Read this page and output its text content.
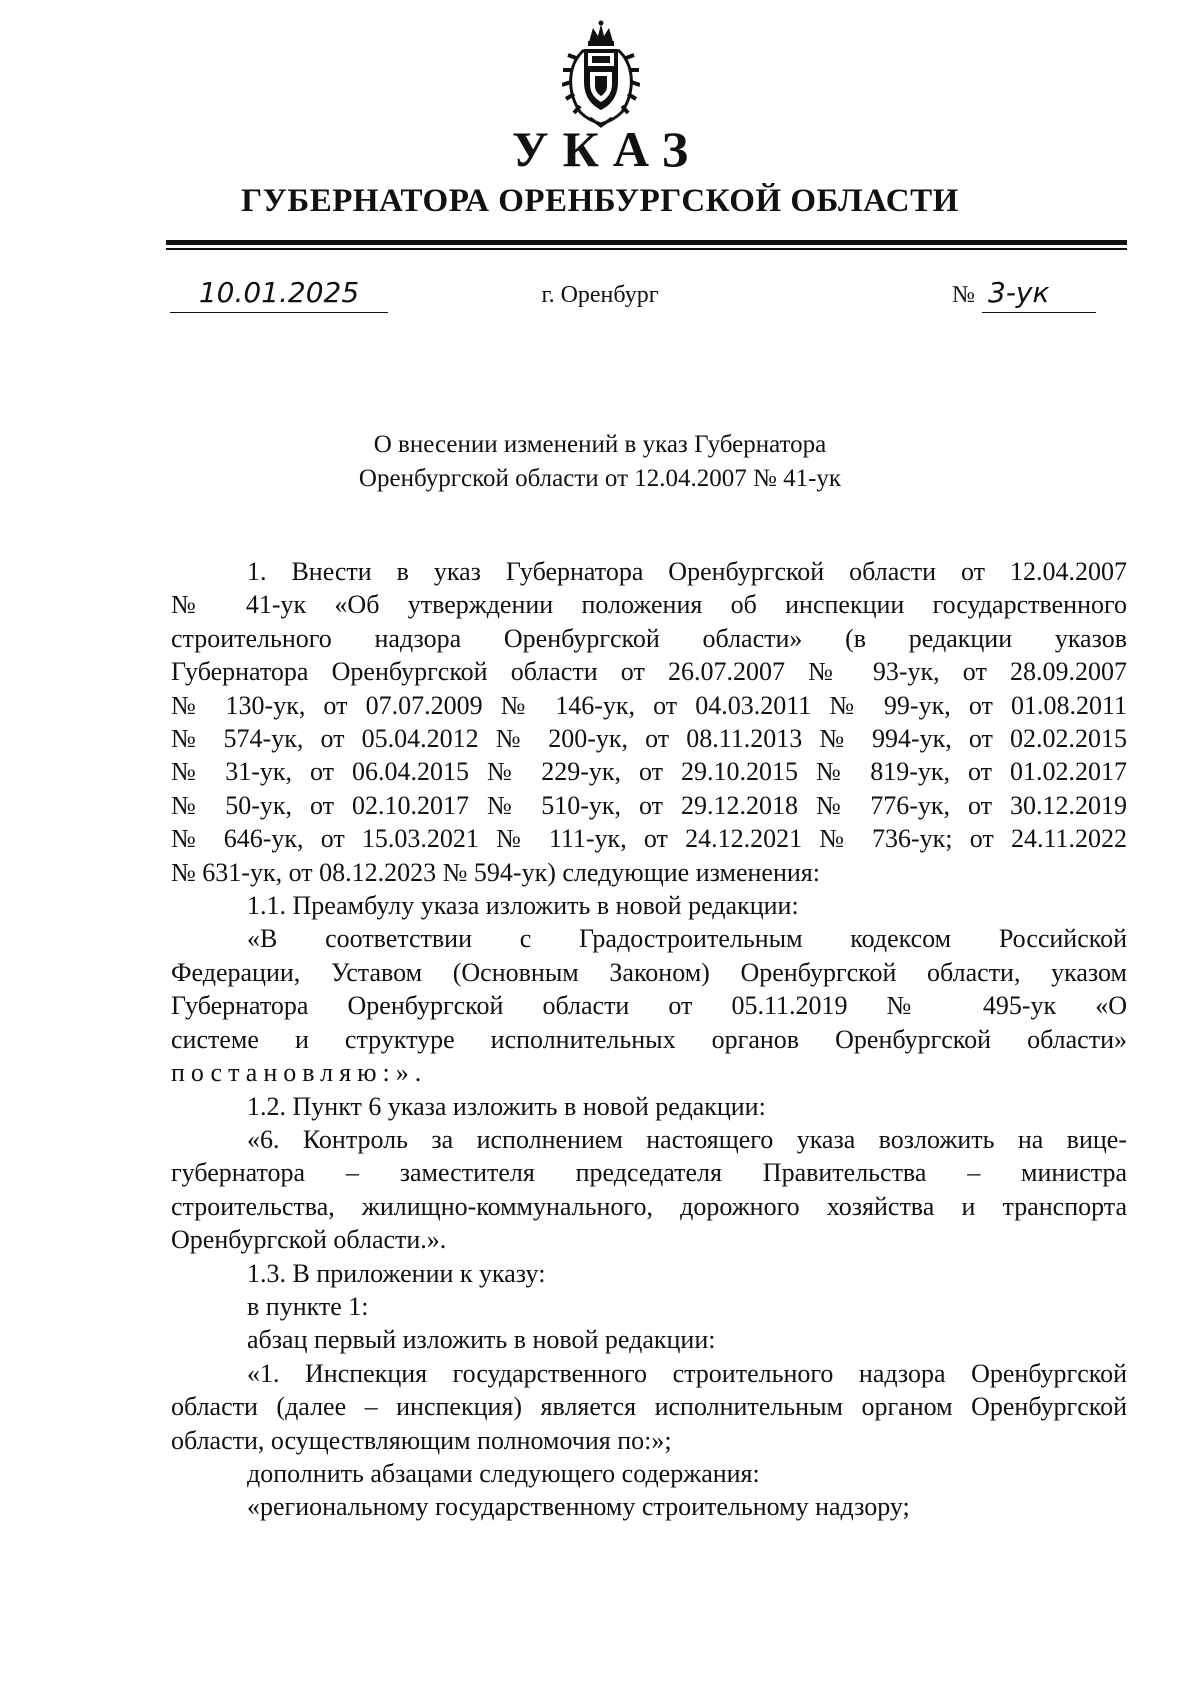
УКАЗ
ГУБЕРНАТОРА ОРЕНБУРГСКОЙ ОБЛАСТИ
10.01.2025	г. Оренбург	№ 3-ук
О внесении изменений в указ Губернатора
Оренбургской области от 12.04.2007 № 41-ук
1. Внести в указ Губернатора Оренбургской области от 12.04.2007
№ 41-ук «Об утверждении положения об инспекции государственного
строительного надзора Оренбургской области» (в редакции указов
Губернатора Оренбургской области от 26.07.2007 № 93-ук, от 28.09.2007
№ 130-ук, от 07.07.2009 № 146-ук, от 04.03.2011 № 99-ук, от 01.08.2011
№ 574-ук, от 05.04.2012 № 200-ук, от 08.11.2013 № 994-ук, от 02.02.2015
№ 31-ук, от 06.04.2015 № 229-ук, от 29.10.2015 № 819-ук, от 01.02.2017
№ 50-ук, от 02.10.2017 № 510-ук, от 29.12.2018 № 776-ук, от 30.12.2019
№ 646-ук, от 15.03.2021 № 111-ук, от 24.12.2021 № 736-ук; от 24.11.2022
№ 631-ук, от 08.12.2023 № 594-ук) следующие изменения:
1.1. Преамбулу указа изложить в новой редакции:
«В соответствии с Градостроительным кодексом Российской
Федерации, Уставом (Основным Законом) Оренбургской области, указом
Губернатора Оренбургской области от 05.11.2019 № 495-ук «О
системе и структуре исполнительных органов Оренбургской области»
постановляю:».
1.2. Пункт 6 указа изложить в новой редакции:
«6. Контроль за исполнением настоящего указа возложить на вице-
губернатора – заместителя председателя Правительства – министра
строительства, жилищно-коммунального, дорожного хозяйства и транспорта
Оренбургской области.».
1.3. В приложении к указу:
в пункте 1:
абзац первый изложить в новой редакции:
«1. Инспекция государственного строительного надзора Оренбургской
области (далее – инспекция) является исполнительным органом Оренбургской
области, осуществляющим полномочия по:»;
дополнить абзацами следующего содержания:
«региональному государственному строительному надзору;
